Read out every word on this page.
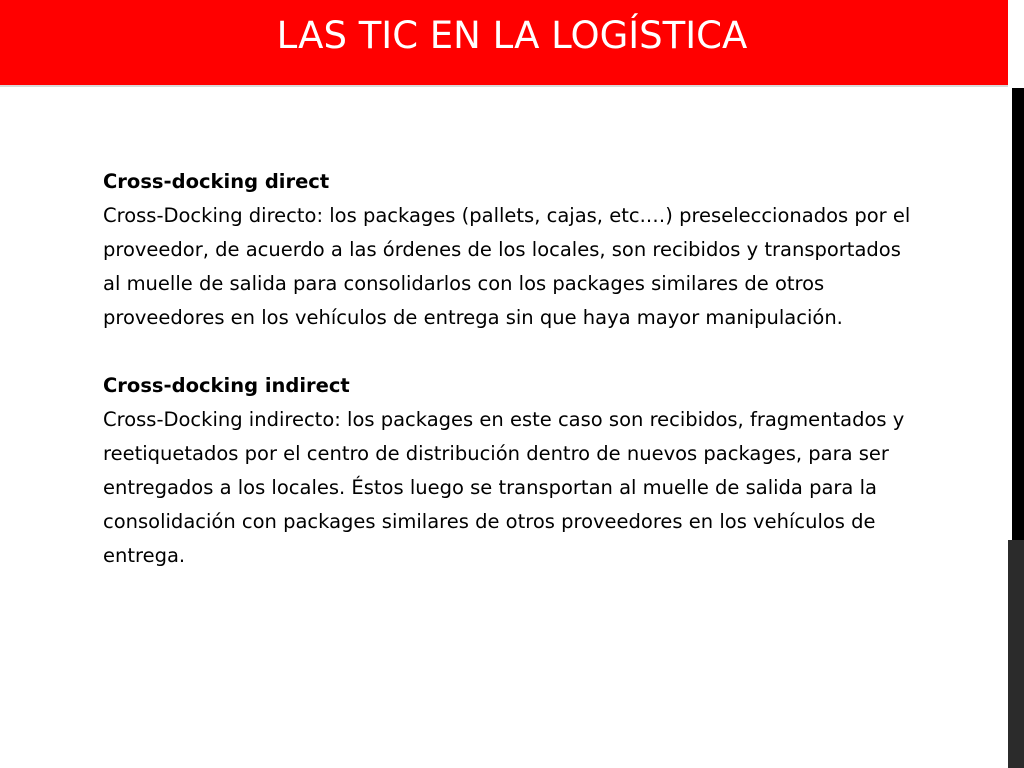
LAS TIC EN LA LOGÍSTICA
Cross-docking direct

Cross-Docking directo: los packages (pallets, cajas, etc.…) preseleccionados por el proveedor, de acuerdo a las órdenes de los locales, son recibidos y transportados al muelle de salida para consolidarlos con los packages similares de otros proveedores en los vehículos de entrega sin que haya mayor manipulación.

Cross-docking indirect

Cross-Docking indirecto: los packages en este caso son recibidos, fragmentados y reetiquetados por el centro de distribución dentro de nuevos packages, para ser entregados a los locales. Éstos luego se transportan al muelle de salida para la consolidación con packages similares de otros proveedores en los vehículos de entrega.
